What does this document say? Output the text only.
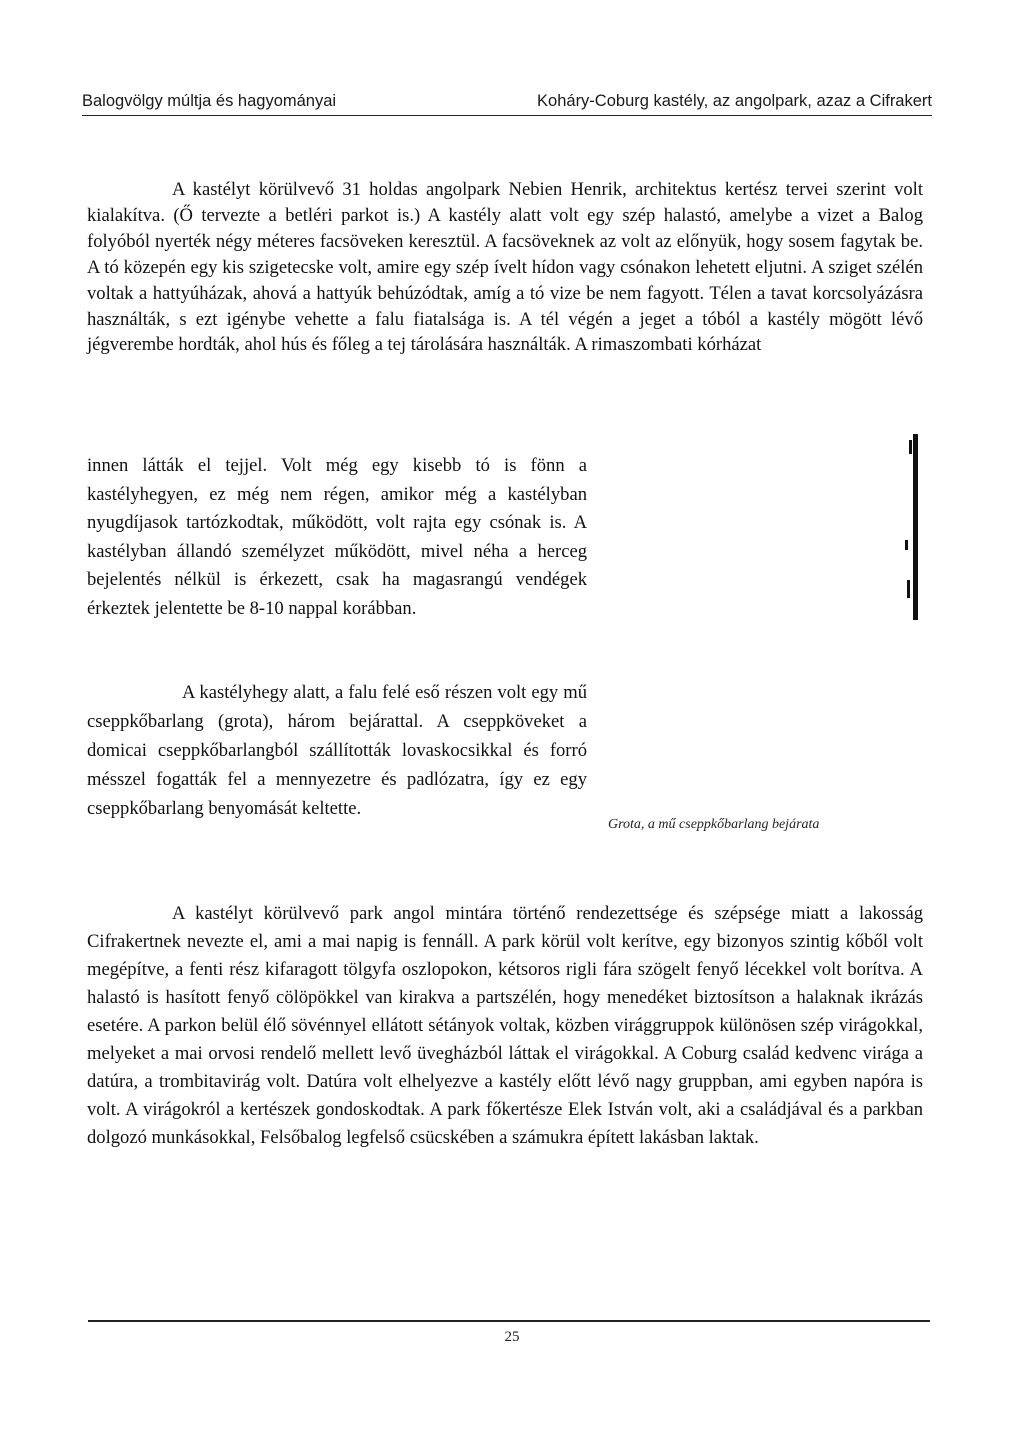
Balogvölgy múltja és hagyományai	Koháry-Coburg kastély, az angolpark, azaz a Cifrakert

A kastélyt körülvevő 31 holdas angolpark Nebien Henrik, architektus kertész tervei szerint volt kialakítva. (Ő tervezte a betléri parkot is.) A kastély alatt volt egy szép halastó, amelybe a vizet a Balog folyóból nyerték négy méteres facsöveken keresztül. A facsöveknek az volt az előnyük, hogy sosem fagytak be. A tó közepén egy kis szigetecske volt, amire egy szép ívelt hídon vagy csónakon lehetett eljutni. A sziget szélén voltak a hattyúházak, ahová a hattyúk behúzódtak, amíg a tó vize be nem fagyott. Télen a tavat korcsolyázásra használták, s ezt igénybe vehette a falu fiatalsága is. A tél végén a jeget a tóból a kastély mögött lévő jégverembe hordták, ahol hús és főleg a tej tárolására használták. A rimaszombati kórházat

innen látták el tejjel. Volt még egy kisebb tó is fönn a kastélyhegyen, ez még nem régen, amikor még a kastélyban nyugdíjasok tartózkodtak, működött, volt rajta egy csónak is. A kastélyban állandó személyzet működött, mivel néha a herceg bejelentés nélkül is érkezett, csak ha magasrangú vendégek érkeztek jelentette be 8-10 nappal korábban.

A kastélyhegy alatt, a falu felé eső részen volt egy mű cseppkőbarlang (grota), három bejárattal. A cseppköveket a domicai cseppkőbarlangból szállították lovaskocsikkal és forró mésszel fogatták fel a mennyezetre és padlózatra, így ez egy cseppkőbarlang benyomását keltette.

Grota, a mű cseppkőbarlang bejárata

A kastélyt körülvevő park angol mintára történő rendezettsége és szépsége miatt a lakosság Cifrakertnek nevezte el, ami a mai napig is fennáll. A park körül volt kerítve, egy bizonyos szintig kőből volt megépítve, a fenti rész kifaragott tölgyfa oszlopokon, kétsoros rigli fára szögelt fenyő lécekkel volt borítva. A halastó is hasított fenyő cölöpökkel van kirakva a partszélén, hogy menedéket biztosítson a halaknak ikrázás esetére. A parkon belül élő sövénnyel ellátott sétányok voltak, közben virággruppok különösen szép virágokkal, melyeket a mai orvosi rendelő mellett levő üvegházból láttak el virágokkal. A Coburg család kedvenc virága a datúra, a trombitavirág volt. Datúra volt elhelyezve a kastély előtt lévő nagy gruppban, ami egyben napóra is volt. A virágokról a kertészek gondoskodtak. A park főkertésze Elek István volt, aki a családjával és a parkban dolgozó munkásokkal, Felsőbalog legfelső csücskében a számukra épített lakásban laktak.

25
